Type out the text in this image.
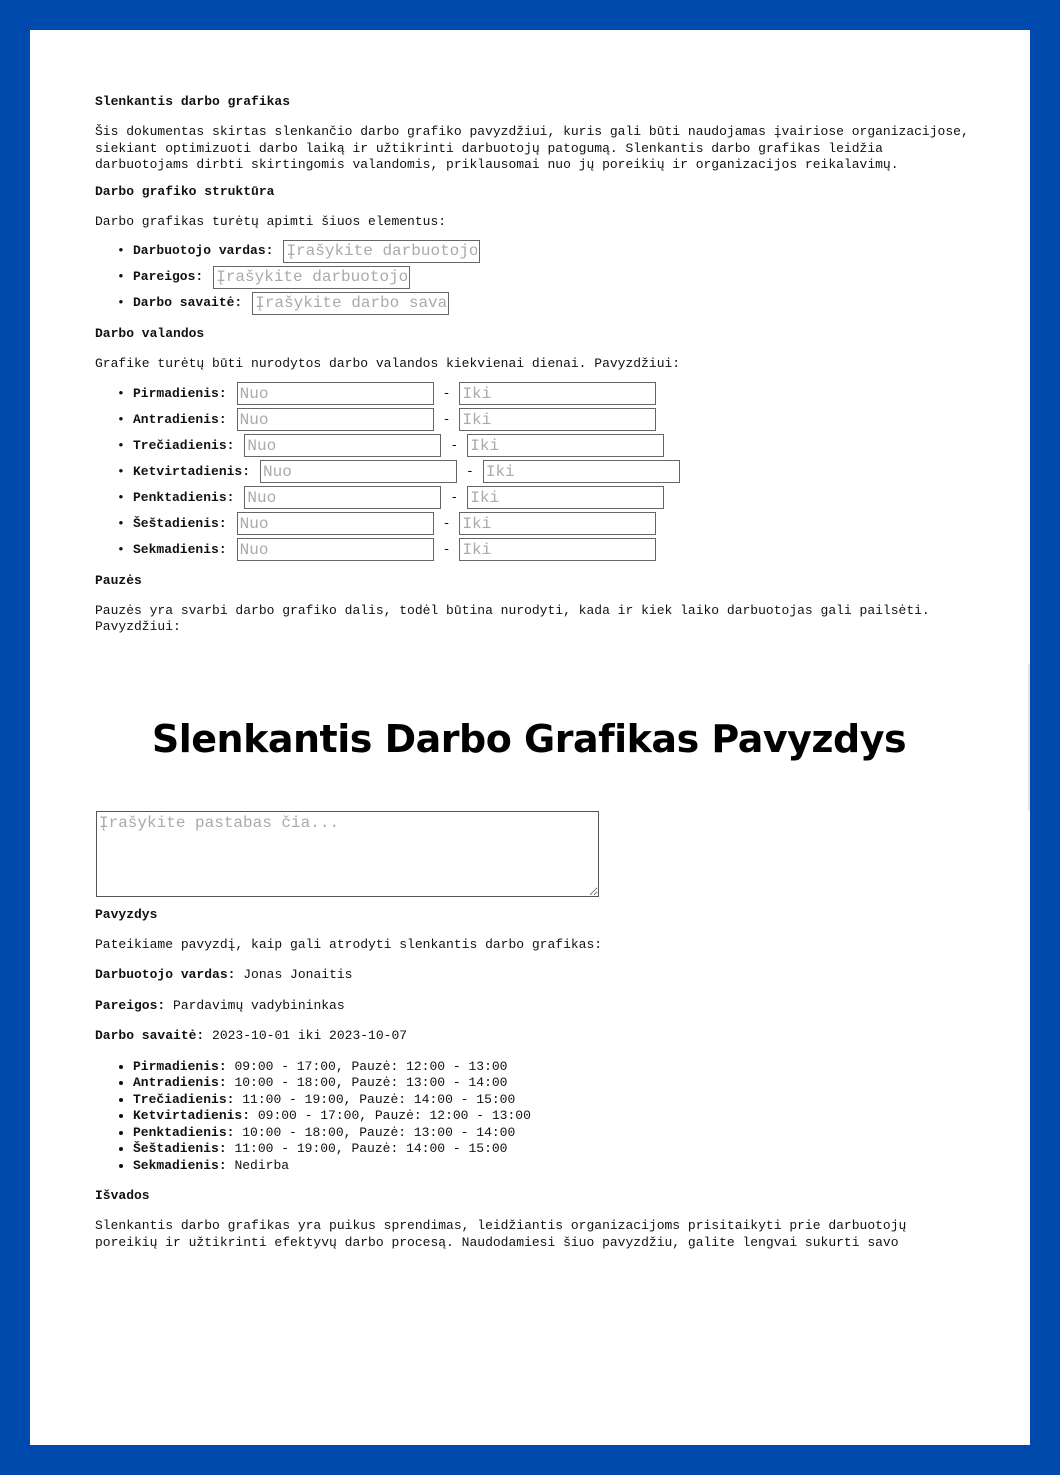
Slenkantis darbo grafikas

Šis dokumentas skirtas slenkančio darbo grafiko pavyzdžiui, kuris gali būti naudojamas įvairiose organizacijose, siekiant optimizuoti darbo laiką ir užtikrinti darbuotojų patogumą. Slenkantis darbo grafikas leidžia darbuotojams dirbti skirtingomis valandomis, priklausomai nuo jų poreikių ir organizacijos reikalavimų.

Darbo grafiko struktūra

Darbo grafikas turėtų apimti šiuos elementus:

• Darbuotojo vardas:
Įrašykite darbuotojo vardą
• Pareigos:
Įrašykite darbuotojo pareigas
• Darbo savaitė:
Įrašykite darbo savaitę
Darbo valandos

Grafike turėtų būti nurodytos darbo valandos kiekvienai dienai. Pavyzdžiui:

• Pirmadienis:
Nuo	-
Iki
• Antradienis:
Nuo	-
Iki
• Trečiadienis:
Nuo	-
Iki
• Ketvirtadienis:
Nuo	-
Iki
• Penktadienis:
Nuo	-
Iki
• Šeštadienis:
Nuo	-
Iki
• Sekmadienis:
Nuo	-
Iki
Pauzės

Pauzės yra svarbi darbo grafiko dalis, todėl būtina nurodyti, kada ir kiek laiko darbuotojas gali pailsėti. Pavyzdžiui:

Slenkantis Darbo Grafikas Pavyzdys

Įrašykite pastabas čia...
Pavyzdys

Pateikiame pavyzdį, kaip gali atrodyti slenkantis darbo grafikas:

Darbuotojo vardas: Jonas Jonaitis

Pareigos: Pardavimų vadybininkas

Darbo savaitė: 2023-10-01 iki 2023-10-07

• Pirmadienis: 09:00 - 17:00, Pauzė: 12:00 - 13:00
• Antradienis: 10:00 - 18:00, Pauzė: 13:00 - 14:00
• Trečiadienis: 11:00 - 19:00, Pauzė: 14:00 - 15:00
• Ketvirtadienis: 09:00 - 17:00, Pauzė: 12:00 - 13:00
• Penktadienis: 10:00 - 18:00, Pauzė: 13:00 - 14:00
• Šeštadienis: 11:00 - 19:00, Pauzė: 14:00 - 15:00
• Sekmadienis: Nedirba
Išvados

Slenkantis darbo grafikas yra puikus sprendimas, leidžiantis organizacijoms prisitaikyti prie darbuotojų poreikių ir užtikrinti efektyvų darbo procesą. Naudodamiesi šiuo pavyzdžiu, galite lengvai sukurti savo
